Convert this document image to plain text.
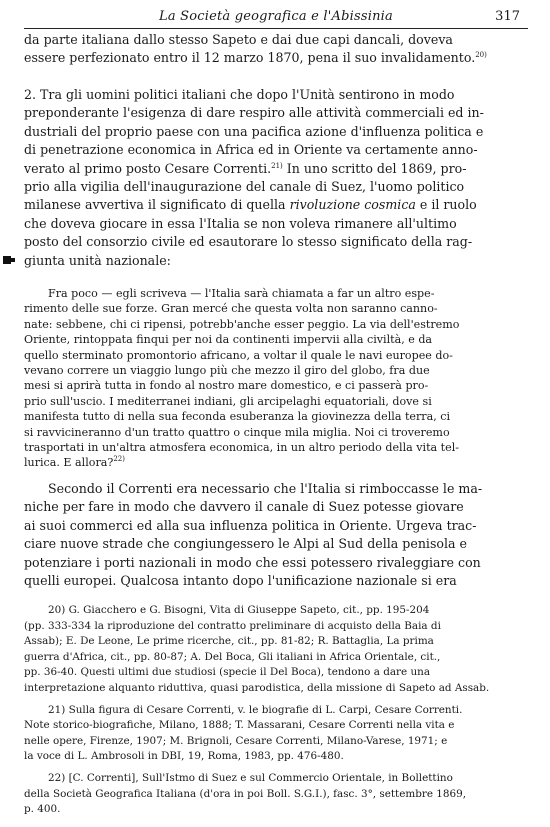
La Società geografica e l'Abissinia	317
da parte italiana dallo stesso Sapeto e dai due capi dancali, doveva
essere perfezionato entro il 12 marzo 1870, pena il suo invalidamento.$^{20)}$
2. Tra gli uomini politici italiani che dopo l'Unità sentirono in modo
preponderante l'esigenza di dare respiro alle attività commerciali ed in-
dustriali del proprio paese con una pacifica azione d'influenza politica e
di penetrazione economica in Africa ed in Oriente va certamente anno-
verato al primo posto Cesare Correnti.$^{21)}$ In uno scritto del 1869, pro-
prio alla vigilia dell'inaugurazione del canale di Suez, l'uomo politico
milanese avvertiva il significato di quella rivoluzione cosmica e il ruolo
che doveva giocare in essa l'Italia se non voleva rimanere all'ultimo
posto del consorzio civile ed esautorare lo stesso significato della rag-
giunta unità nazionale:
Fra poco — egli scriveva — l'Italia sarà chiamata a far un altro espe-
rimento delle sue forze. Gran mercé che questa volta non saranno canno-
nate: sebbene, chi ci ripensi, potrebb'anche esser peggio. La via dell'estremo
Oriente, rintoppata finqui per noi da continenti impervii alla civiltà, e da
quello sterminato promontorio africano, a voltar il quale le navi europee do-
vevano correre un viaggio lungo più che mezzo il giro del globo, fra due
mesi si aprirà tutta in fondo al nostro mare domestico, e ci passerà pro-
prio sull'uscio. I mediterranei indiani, gli arcipelaghi equatoriali, dove si
manifesta tutto di nella sua feconda esuberanza la giovinezza della terra, ci
si ravvicineranno d'un tratto quattro o cinque mila miglia. Noi ci troveremo
trasportati in un'altra atmosfera economica, in un altro periodo della vita tel-
lurica. E allora?$^{22)}$
Secondo il Correnti era necessario che l'Italia si rimboccasse le ma-
niche per fare in modo che davvero il canale di Suez potesse giovare
ai suoi commerci ed alla sua influenza politica in Oriente. Urgeva trac-
ciare nuove strade che congiungessero le Alpi al Sud della penisola e
potenziare i porti nazionali in modo che essi potessero rivaleggiare con
quelli europei. Qualcosa intanto dopo l'unificazione nazionale si era
20) G. Giacchero e G. Bisogni, Vita di Giuseppe Sapeto, cit., pp. 195-204
(pp. 333-334 la riproduzione del contratto preliminare di acquisto della Baia di
Assab); E. De Leone, Le prime ricerche, cit., pp. 81-82; R. Battaglia, La prima
guerra d'Africa, cit., pp. 80-87; A. Del Boca, Gli italiani in Africa Orientale, cit.,
pp. 36-40. Questi ultimi due studiosi (specie il Del Boca), tendono a dare una
interpretazione alquanto riduttiva, quasi parodistica, della missione di Sapeto ad Assab.
21) Sulla figura di Cesare Correnti, v. le biografie di L. Carpi, Cesare Correnti.
Note storico-biografiche, Milano, 1888; T. Massarani, Cesare Correnti nella vita e
nelle opere, Firenze, 1907; M. Brignoli, Cesare Correnti, Milano-Varese, 1971; e
la voce di L. Ambrosoli in DBI, 19, Roma, 1983, pp. 476-480.
22) [C. Correnti], Sull'Istmo di Suez e sul Commercio Orientale, in Bollettino
della Società Geografica Italiana (d'ora in poi Boll. S.G.I.), fasc. 3°, settembre 1869,
p. 400.
